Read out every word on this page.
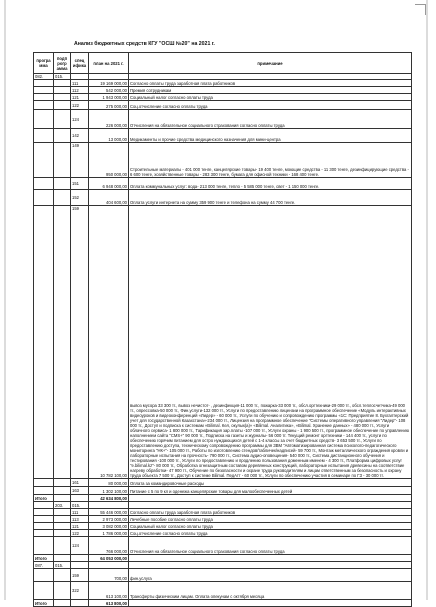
Анализ бюджетных средств КГУ "ОСШ №20" на 2021 г.
програ мма	подп рогр амма	спец ифика	план на 2021 г.	примечание
082.	015.			
		111	19 169 000,00	Согласно оплаты труда заработная плата работников
		112	542 000,00	Премия сотрудникам
		121	1 943 000,00	Социальный налог согласно оплаты труда
		122	275 000,00	Соц.отчисление согласно оплаты труда
		124	226 000,00	Отчисления на обязательное социального страхования согласно оплаты труда
		142	13 000,00	Медикаменты и прочие средства медицинского назначения для мини-центра
		149	950 000,00	Строительные материалы - 401 000 тенге, канцелярские товары- 19 400 тенге, моющие средства - 11 300 тенге, дезинфицирующие средства - 6 600 тенге, хозяйственные товары - 283 300 тенге, бумага для офисной техники - 168 400 тенге.
		151	6 948 000,00	Оплата коммунальных услуг: вода- 213 000 тенге, тепло - 5 585 000 тенге, свет - 1 150 000 тенге.
		152	404 600,00	Оплата услуги интернета на сумму 359 900 тенге и телефона на сумму 44 700 тенге.
		159	10 782 100,00	вывоз мусора 33 300 тг., вывоз нечистот- , дезинфекция-11 000 тг., пожарка-33 000 тг., обсл.оргтехники-29 000 тг., обсл.теплосчетчика-49 000 тг., опрессовка-50 000 тг., Фин.услуги-132 000 тг., Услуги по предоставлению лицензии на программное обеспечение «Модуль интерактивных видеоуроков и видеоконференций «Лидер» - 60 000 тг., Услуги по обучению и сопровождению программы «1С: Предприятие 8. Бухгалтерский учет для государственной Казахстана»-234 000 тг., Лицензия на программное обеспечение "Системы оперативного управления "Лидер"- 108 000 тг., Доступ и подписка к системам «Bilimal. Кел, окулык(а)» «Bilimal. Аналитика», «Bilimal. Хранение данных» - 480 000 тг., Услуги облачного сервиса- 1 800 000 тг., Тарификация зар.платы -107 000 тг., Услуги охраны - 1 900 500 тг., программное обеспечение по управлению наполнением сайта "CMS+" 90 000 тг., Подписка на газеты и журналы- 56 000 тг. Текущий ремонт оргтехники - 144 400 тг., услуги по обеспечению горячим питанием для остро нуждающихся детей с 1-4 классы за счет бюджетных средств- 3 653 500 тг., Услуги по предоставлению доступа, техническому сопровождению программы для ЗВМ "Автоматизированная система психолого-педагогического мониторинга "НК+"- 105 000 тг., Работы по изготовлению стендов/табличек/надписей- 59 700 тг., Монтаж металлического ограждения кровли и лабораторные испытания на прочность- 790 000 тг., Система аудио-оповещения- 540 000 тг., Система дистанционного обучения и тестирования -100 000 тг., Услуги по предоставлению и продлению пользования доменным именем - 4 300 тг., Платформа цифровых услуг "e.bilimal.kz"- 80 000 тг., Обработка огнезащитным составом деревянных конструкций, лабораторные испытания древесины на соответствие нагреву обработки- 47 900 тг., Обучение по безопасности и охране труда руководителям и лицам ответственным за безопасность и охрану труда объекта 7 500 тг., Доступ к системе Bilimal. ПедАтт - 60 000 тг., Услуги по обеспечению участия в семинаре по ГЗ - 30 000 тг.
		161	80 000,00	Оплата за командировочные расходы
		163	1 302 100,00	Питание с 5 по 9 кл и оденежа канцелярские товары для малообеспеченных детей
Итого			42 634 800,00	
	203.	015.		
		111	55 446 000,00	Согласно оплаты труда заработная плата работников
		113	2 973 000,00	Лечебные пособие согласно оплаты труда
		121	3 082 000,00	Социальный налог согласно оплаты труда
		122	1 786 000,00	Соц.отчисление согласно оплаты труда
		124	766 000,00	Отчисления на обязательное социального страхования согласно оплаты труда
Итого			64 053 000,00	
087.	015.			
		159	700,00	фин.услуга
		322	613 100,00	Трансферты физическим лицам. Оплата опекунам с октября месяца
Итого			613 800,00	
